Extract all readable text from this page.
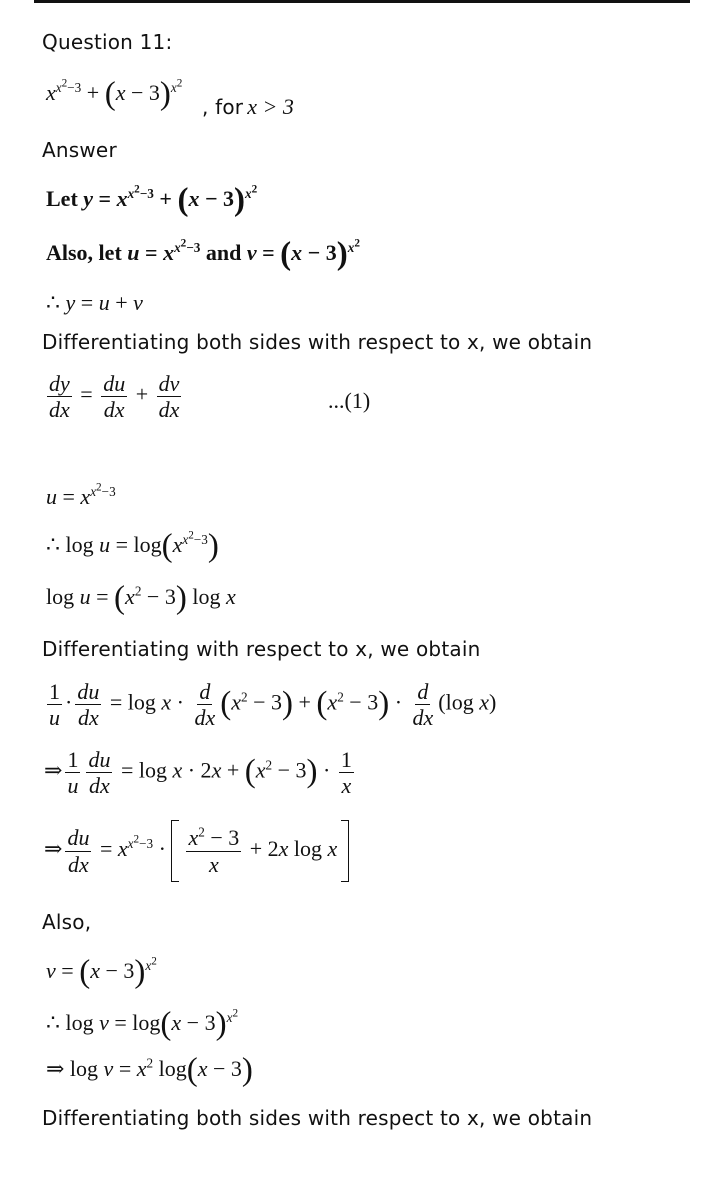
Question 11:
$x^{x^2-3} + (x - 3)^{x^2}$
, for x > 3
Answer
Let $y = x^{x^2-3} + (x - 3)^{x^2}$
Also, let $u = x^{x^2-3}$ and $v = (x - 3)^{x^2}$
∴ y = u + v
Differentiating both sides with respect to x, we obtain
$\frac{dy}{dx} = \frac{du}{dx} + \frac{dv}{dx}$	...(1)
$u = x^{x^2-3}$
∴ $\log u = \log(x^{x^2-3})$
$\log u = (x^2 - 3)$ log x
Differentiating with respect to x, we obtain
$\frac{1}{u} \cdot \frac{du}{dx} = \log x \cdot \frac{d}{dx} (x^2 - 3) + (x^2 - 3) \cdot \frac{d}{dx} (\log$ x)
⇒ $\frac{1}{u} \frac{du}{dx} = \log x \cdot 2x + (x^2 - 3) \cdot \frac{1}{x}$
⇒ $\frac{du}{dx} = x^{x^2-3} \cdot \frac{x^2 - 3}{x} + 2x$ log x
Also,
$v = (x - 3)^{x^2}$
∴ $\log v = \log(x - 3)^{x^2}$
⇒ $\log v = x^2$ log(x − 3)
Differentiating both sides with respect to x, we obtain
